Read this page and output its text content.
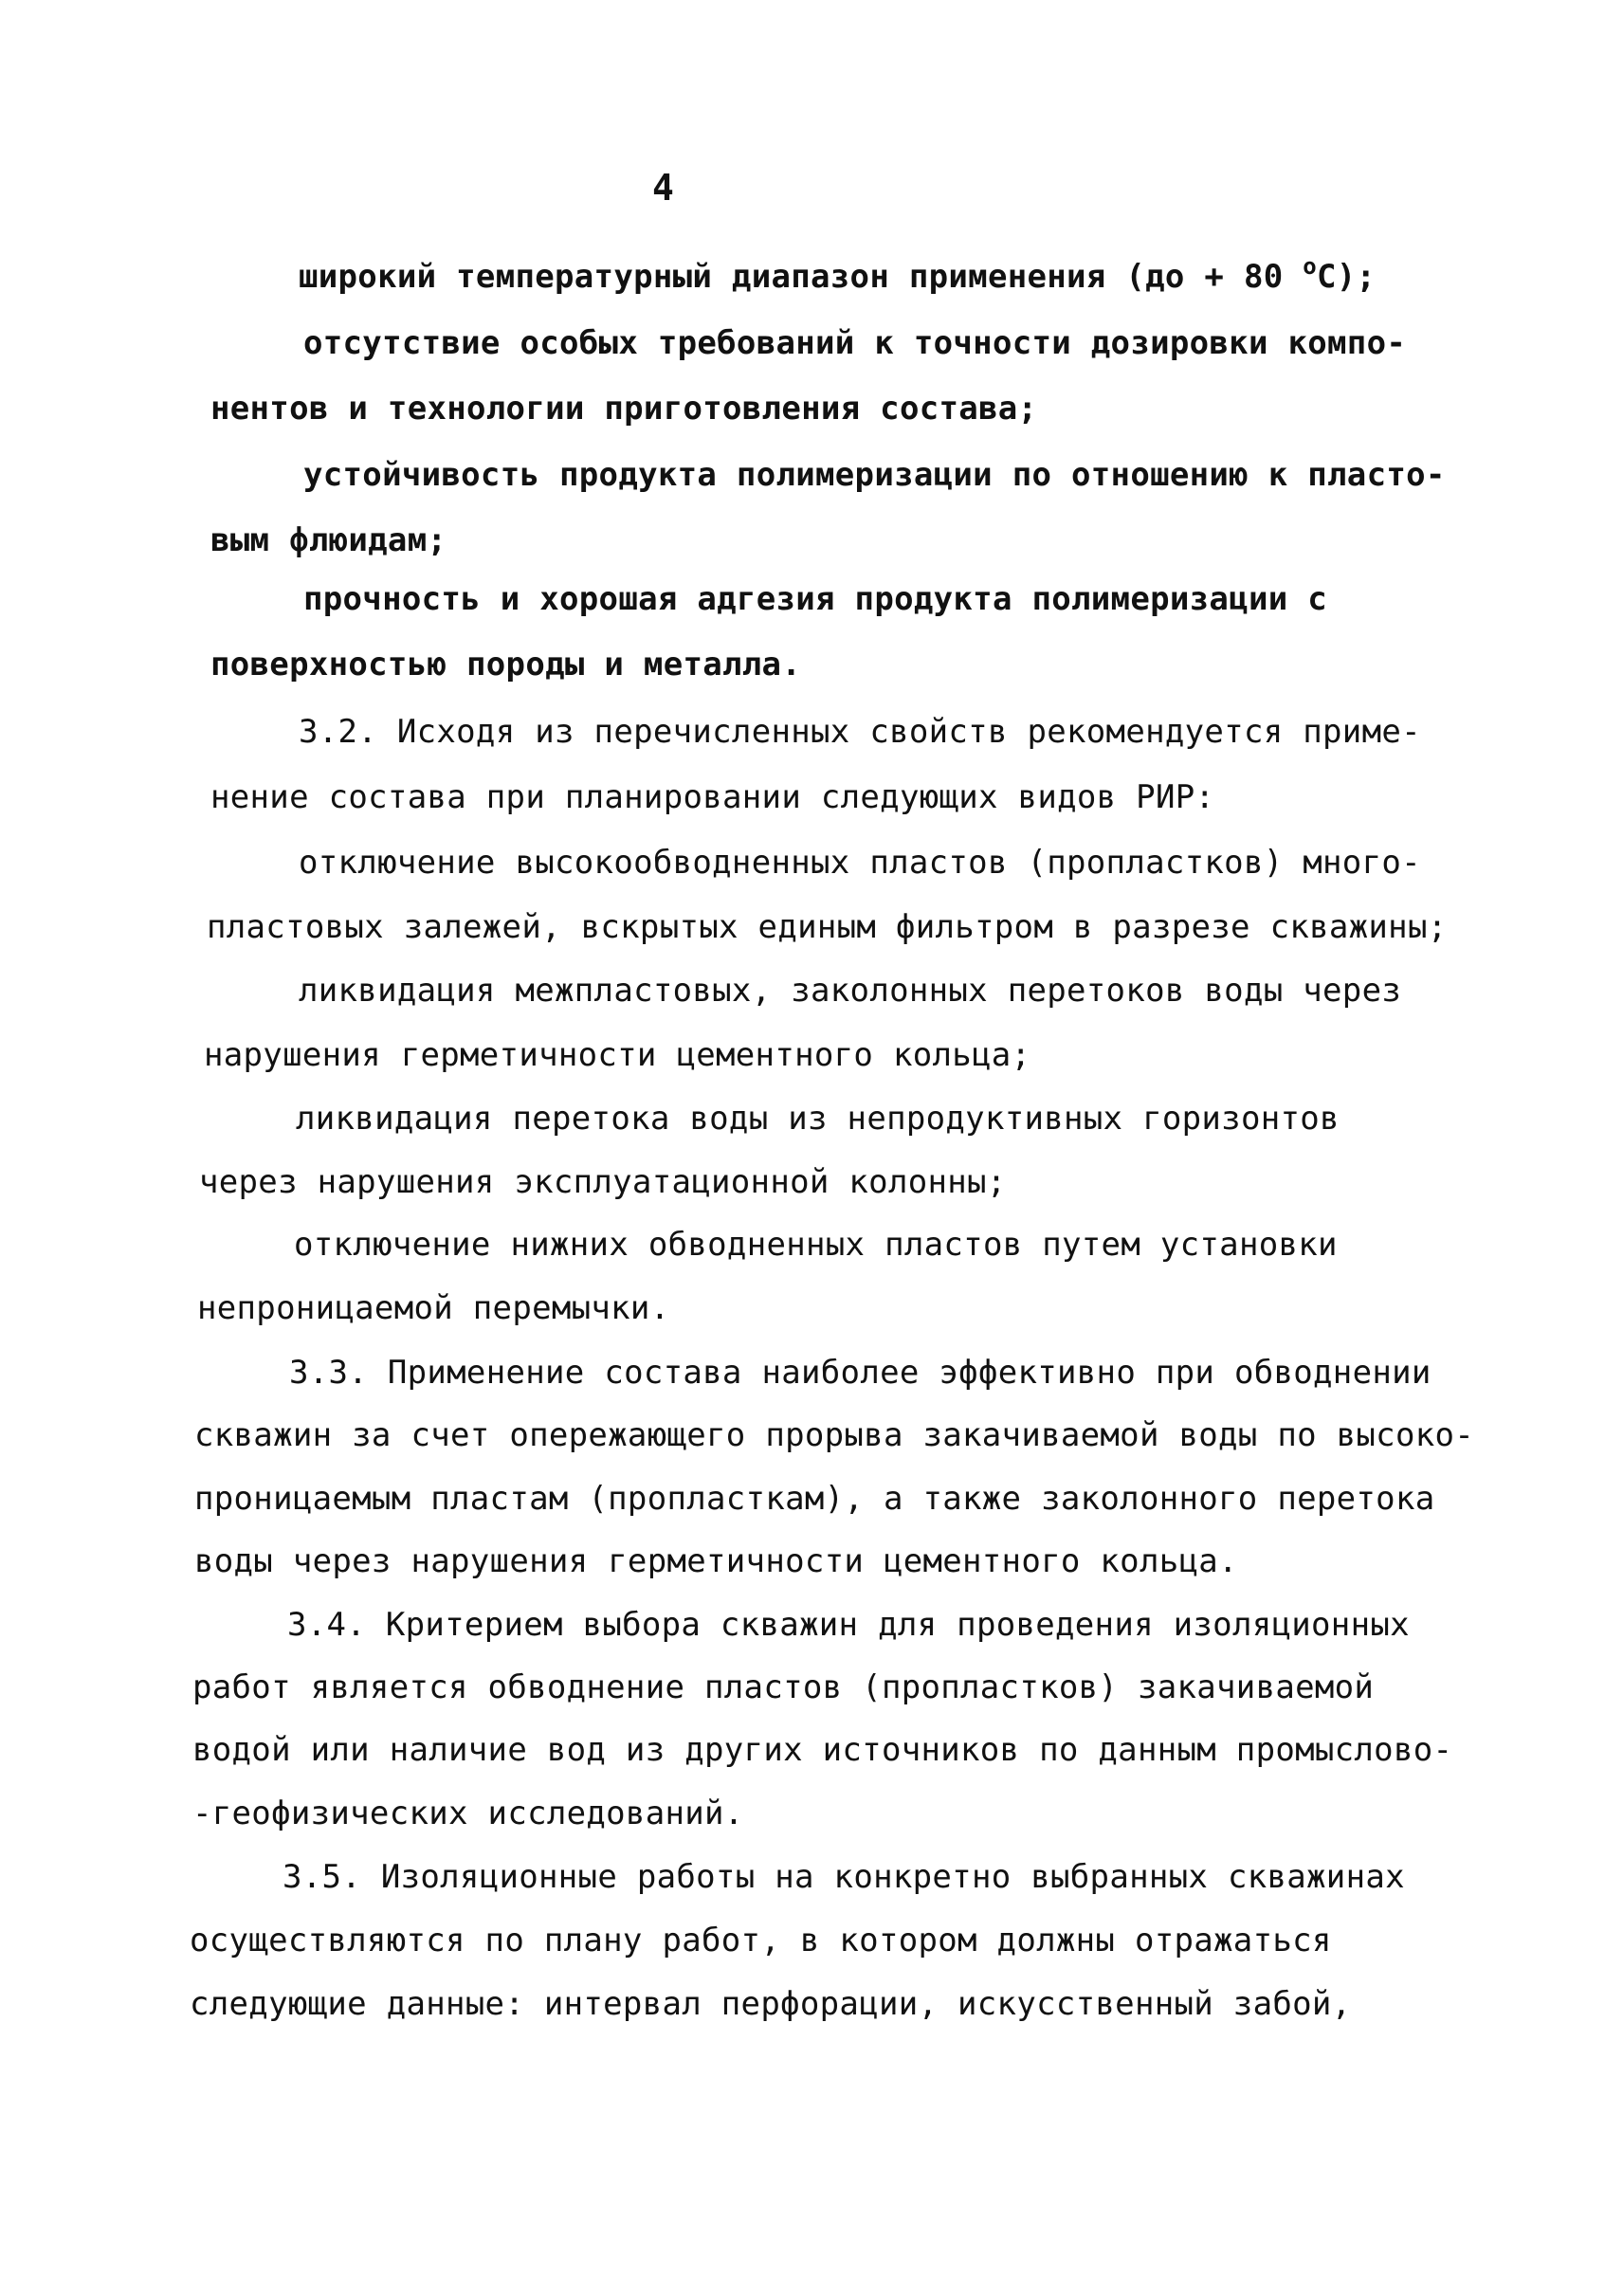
4
широкий температурный диапазон применения (до + 80 $^о$С);
отсутствие особых требований к точности дозировки компо-
нентов и технологии приготовления состава;
устойчивость продукта полимеризации по отношению к пласто-
вым флюидам;
прочность и хорошая адгезия продукта полимеризации с
поверхностью породы и металла.
3.2. Исходя из перечисленных свойств рекомендуется приме-
нение состава при планировании следующих видов РИР:
отключение высокообводненных пластов (пропластков) много-
пластовых залежей, вскрытых единым фильтром в разрезе скважины;
ликвидация межпластовых, заколонных перетоков воды через
нарушения герметичности цементного кольца;
ликвидация перетока воды из непродуктивных горизонтов
через нарушения эксплуатационной колонны;
отключение нижних обводненных пластов путем установки
непроницаемой перемычки.
3.3. Применение состава наиболее эффективно при обводнении
скважин за счет опережающего прорыва закачиваемой воды по высоко-
проницаемым пластам (пропласткам), а также заколонного перетока
воды через нарушения герметичности цементного кольца.
3.4. Критерием выбора скважин для проведения изоляционных
работ является обводнение пластов (пропластков) закачиваемой
водой или наличие вод из других источников по данным промыслово-
-геофизических исследований.
3.5. Изоляционные работы на конкретно выбранных скважинах
осуществляются по плану работ, в котором должны отражаться
следующие данные: интервал перфорации, искусственный забой,
